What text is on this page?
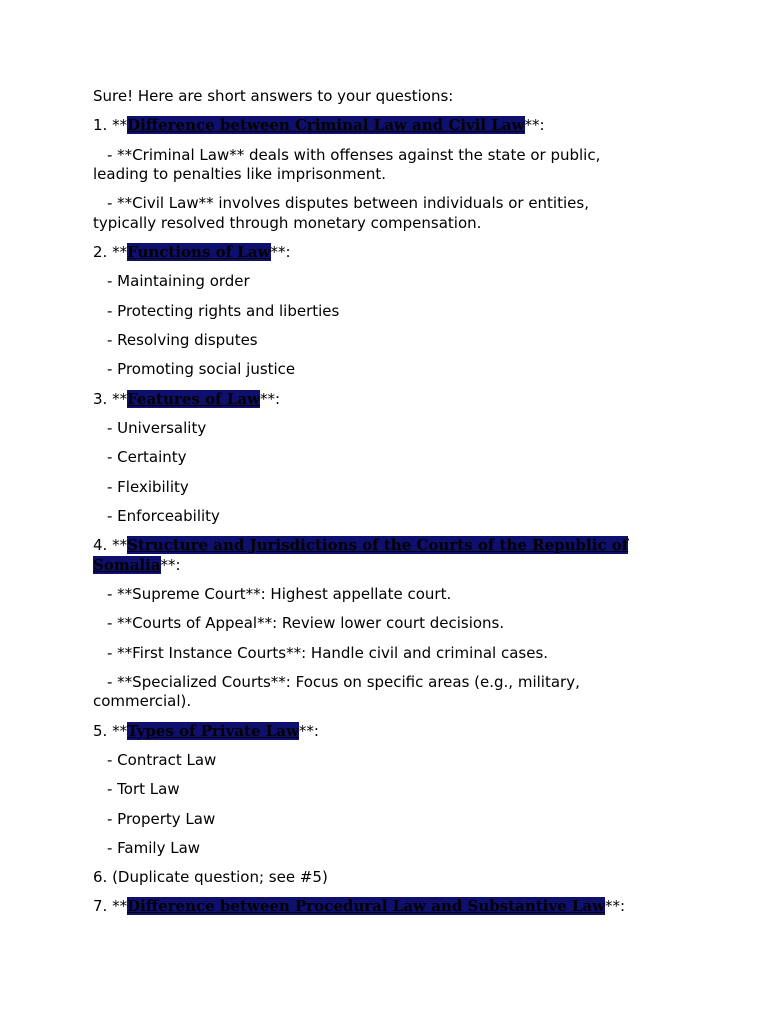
Sure! Here are short answers to your questions:

1. **Difference between Criminal Law and Civil Law**:

- **Criminal Law** deals with offenses against the state or public, leading to penalties like imprisonment.

- **Civil Law** involves disputes between individuals or entities, typically resolved through monetary compensation.

2. **Functions of Law**:

- Maintaining order

- Protecting rights and liberties

- Resolving disputes

- Promoting social justice

3. **Features of Law**:

- Universality

- Certainty

- Flexibility

- Enforceability

4. **Structure and Jurisdictions of the Courts of the Republic of Somalia**:

- **Supreme Court**: Highest appellate court.

- **Courts of Appeal**: Review lower court decisions.

- **First Instance Courts**: Handle civil and criminal cases.

- **Specialized Courts**: Focus on specific areas (e.g., military, commercial).

5. **Types of Private Law**:

- Contract Law

- Tort Law

- Property Law

- Family Law

6. (Duplicate question; see #5)

7. **Difference between Procedural Law and Substantive Law**:
